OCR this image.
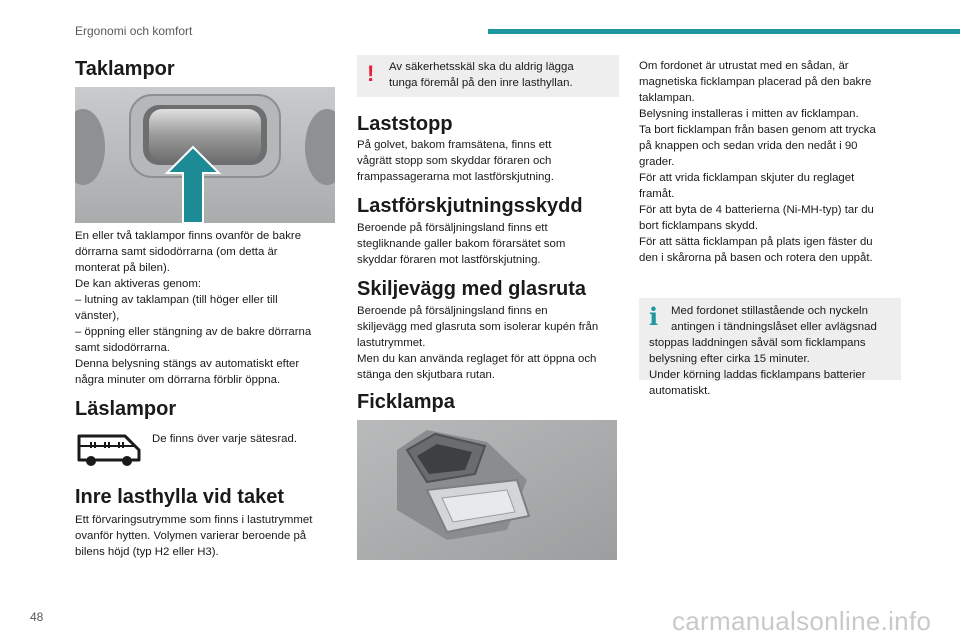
Ergonomi och komfort
Taklampor
En eller två taklampor finns ovanför de bakre
dörrarna samt sidodörrarna (om detta är
monterat på bilen).
De kan aktiveras genom:
– lutning av taklampan (till höger eller till
vänster),
– öppning eller stängning av de bakre dörrarna
samt sidodörrarna.
Denna belysning stängs av automatiskt efter
några minuter om dörrarna förblir öppna.
Läslampor
De finns över varje sätesrad.
Inre lasthylla vid taket
Ett förvaringsutrymme som finns i lastutrymmet
ovanför hytten. Volymen varierar beroende på
bilens höjd (typ H2 eller H3).
! Av säkerhetsskäl ska du aldrig lägga
tunga föremål på den inre lasthyllan.
Laststopp
På golvet, bakom framsätena, finns ett
vågrätt stopp som skyddar föraren och
frampassagerarna mot lastförskjutning.
Lastförskjutningsskydd
Beroende på försäljningsland finns ett
stegliknande galler bakom förarsätet som
skyddar föraren mot lastförskjutning.
Skiljevägg med glasruta
Beroende på försäljningsland finns en
skiljevägg med glasruta som isolerar kupén från
lastutrymmet.
Men du kan använda reglaget för att öppna och
stänga den skjutbara rutan.
Ficklampa
Om fordonet är utrustat med en sådan, är
magnetiska ficklampan placerad på den bakre
taklampan.
Belysning installeras i mitten av ficklampan.
Ta bort ficklampan från basen genom att trycka
på knappen och sedan vrida den nedåt i 90
grader.
För att vrida ficklampan skjuter du reglaget
framåt.
För att byta de 4 batterierna (Ni-MH-typ) tar du
bort ficklampans skydd.
För att sätta ficklampan på plats igen fäster du
den i skårorna på basen och rotera den uppåt.
i Med fordonet stillastående och nyckeln
antingen i tändningslåset eller avlägsnad
stoppas laddningen såväl som ficklampans
belysning efter cirka 15 minuter.
Under körning laddas ficklampans batterier
automatiskt.
48	carmanualsonline.info
